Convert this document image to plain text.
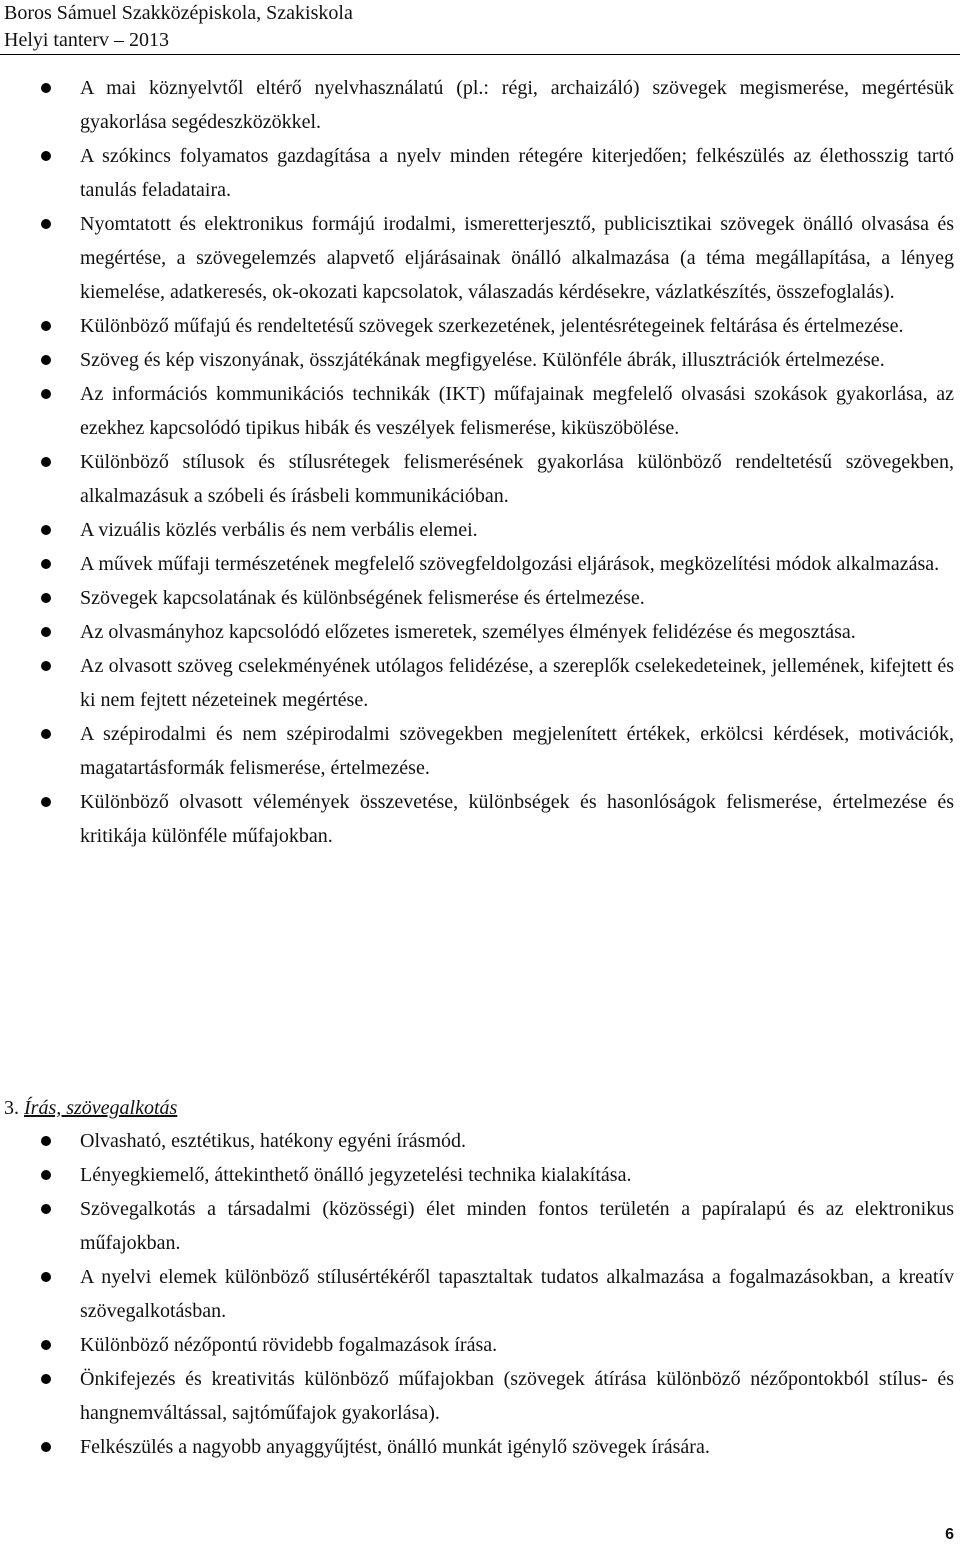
Boros Sámuel Szakközépiskola, Szakiskola
Helyi tanterv – 2013
A mai köznyelvtől eltérő nyelvhasználatú (pl.: régi, archaizáló) szövegek megismerése, megértésük gyakorlása segédeszközökkel.
A szókincs folyamatos gazdagítása a nyelv minden rétegére kiterjedően; felkészülés az élethosszig tartó tanulás feladataira.
Nyomtatott és elektronikus formájú irodalmi, ismeretterjesztő, publicisztikai szövegek önálló olvasása és megértése, a szövegelemzés alapvető eljárásainak önálló alkalmazása (a téma megállapítása, a lényeg kiemelése, adatkeresés, ok-okozati kapcsolatok, válaszadás kérdésekre, vázlatkészítés, összefoglalás).
Különböző műfajú és rendeltetésű szövegek szerkezetének, jelentésrétegeinek feltárása és értelmezése.
Szöveg és kép viszonyának, összjátékának megfigyelése. Különféle ábrák, illusztrációk értelmezése.
Az információs kommunikációs technikák (IKT) műfajainak megfelelő olvasási szokások gyakorlása, az ezekhez kapcsolódó tipikus hibák és veszélyek felismerése, kiküszöbölése.
Különböző stílusok és stílusrétegek felismerésének gyakorlása különböző rendeltetésű szövegekben, alkalmazásuk a szóbeli és írásbeli kommunikációban.
A vizuális közlés verbális és nem verbális elemei.
A művek műfaji természetének megfelelő szövegfeldolgozási eljárások, megközelítési módok alkalmazása.
Szövegek kapcsolatának és különbségének felismerése és értelmezése.
Az olvasmányhoz kapcsolódó előzetes ismeretek, személyes élmények felidézése és megosztása.
Az olvasott szöveg cselekményének utólagos felidézése, a szereplők cselekedeteinek, jellemének, kifejtett és ki nem fejtett nézeteinek megértése.
A szépirodalmi és nem szépirodalmi szövegekben megjelenített értékek, erkölcsi kérdések, motivációk, magatartásformák felismerése, értelmezése.
Különböző olvasott vélemények összevetése, különbségek és hasonlóságok felismerése, értelmezése és kritikája különféle műfajokban.
3. Írás, szövegalkotás
Olvasható, esztétikus, hatékony egyéni írásmód.
Lényegkiemelő, áttekinthető önálló jegyzetelési technika kialakítása.
Szövegalkotás a társadalmi (közösségi) élet minden fontos területén a papíralapú és az elektronikus műfajokban.
A nyelvi elemek különböző stílusértékéről tapasztaltak tudatos alkalmazása a fogalmazásokban, a kreatív szövegalkotásban.
Különböző nézőpontú rövidebb fogalmazások írása.
Önkifejezés és kreativitás különböző műfajokban (szövegek átírása különböző nézőpontokból stílus- és hangnemváltással, sajtóműfajok gyakorlása).
Felkészülés a nagyobb anyaggyűjtést, önálló munkát igénylő szövegek írására.
6
